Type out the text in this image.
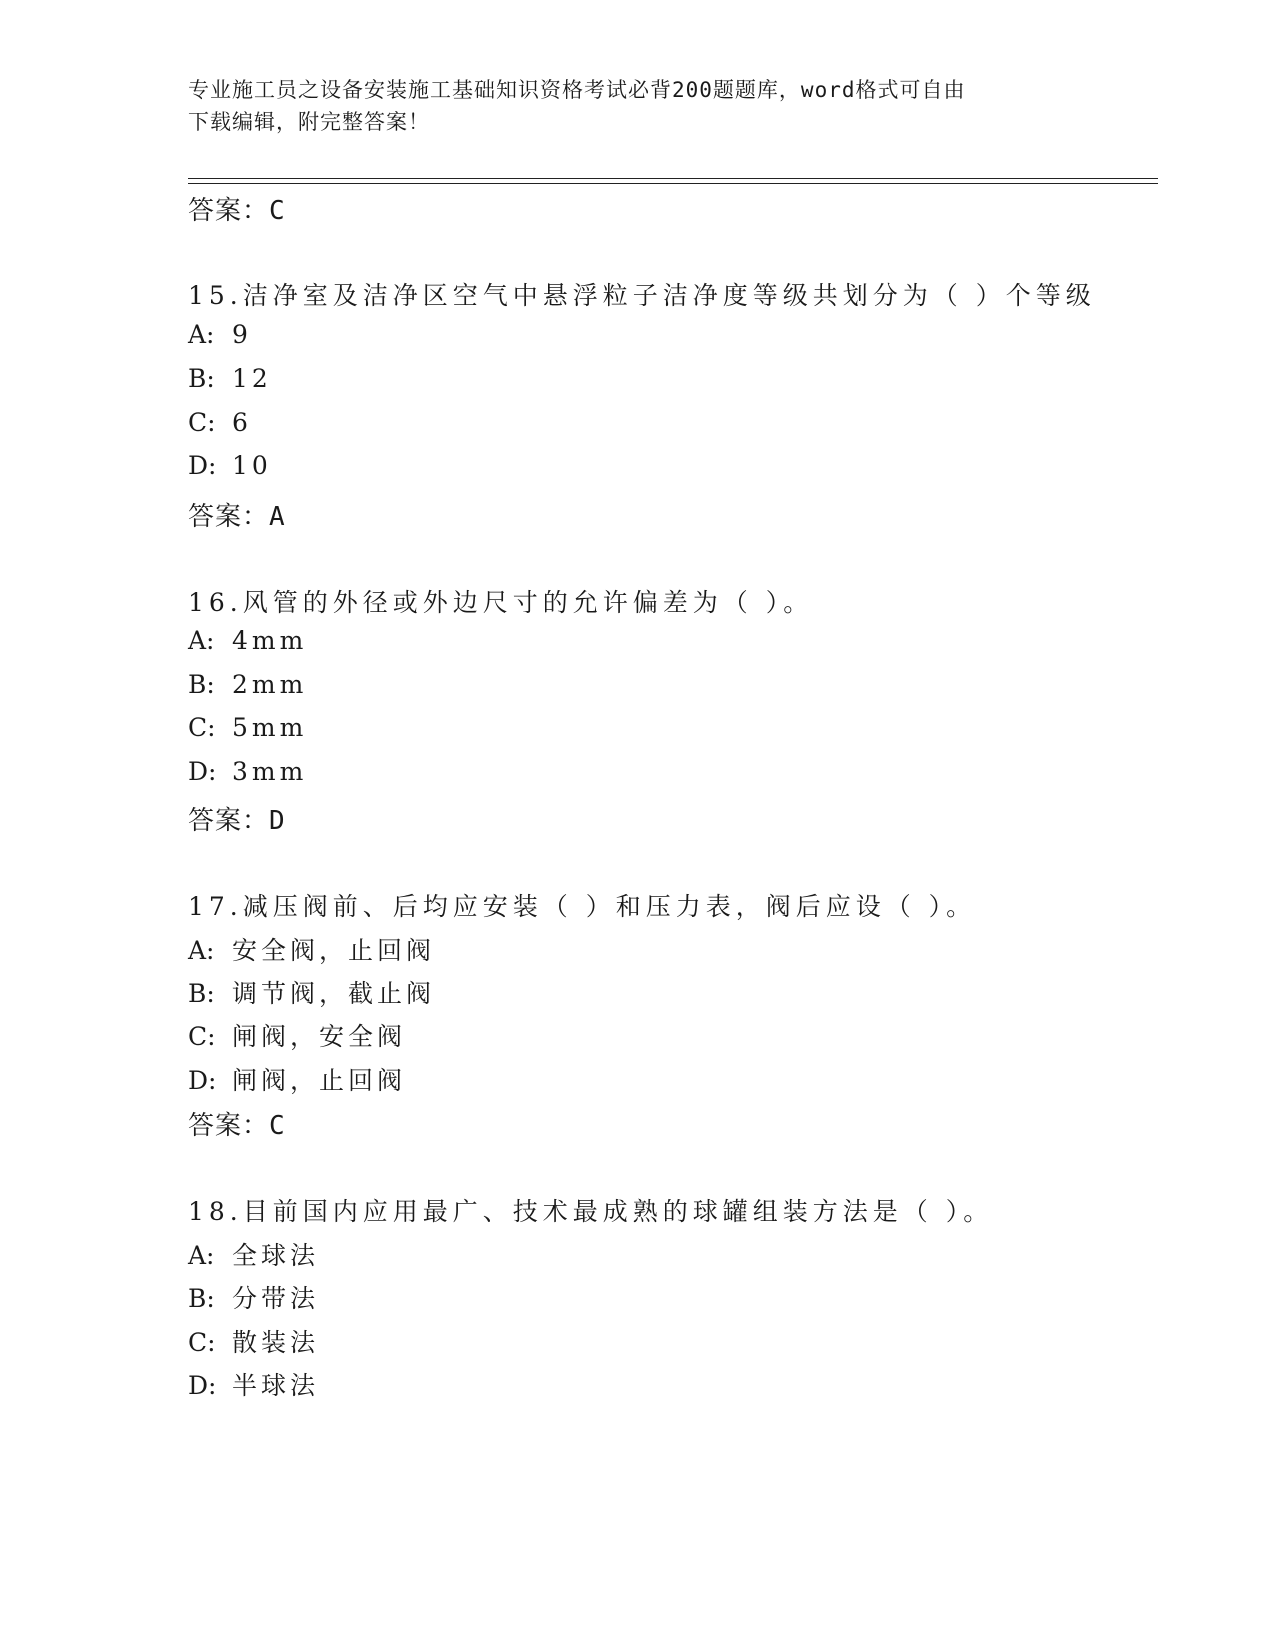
专业施工员之设备安装施工基础知识资格考试必背200题题库，word格式可自由
下载编辑，附完整答案！
答案：C
15.洁净室及洁净区空气中悬浮粒子洁净度等级共划分为（ ）个等级
A: 9
B: 12
C: 6
D: 10
答案：A
16.风管的外径或外边尺寸的允许偏差为（ ）。
A: 4mm
B: 2mm
C: 5mm
D: 3mm
答案：D
17.减压阀前、后均应安装（ ）和压力表，阀后应设（ ）。
A: 安全阀，止回阀
B: 调节阀，截止阀
C: 闸阀，安全阀
D: 闸阀，止回阀
答案：C
18.目前国内应用最广、技术最成熟的球罐组装方法是（ ）。
A: 全球法
B: 分带法
C: 散装法
D: 半球法
